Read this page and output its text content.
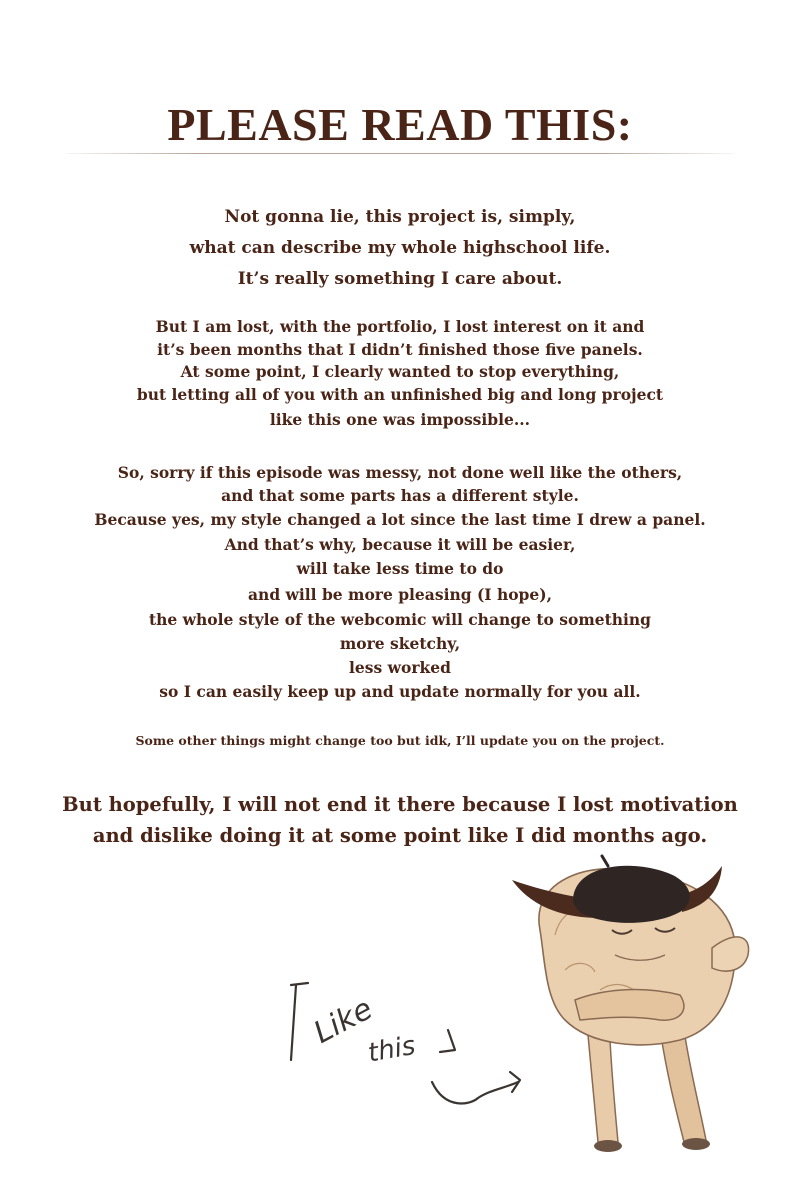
PLEASE READ THIS:
Not gonna lie, this project is, simply,
what can describe my whole highschool life.
It’s really something I care about.
But I am lost, with the portfolio, I lost interest on it and
it’s been months that I didn’t finished those five panels.
At some point, I clearly wanted to stop everything,
but letting all of you with an unfinished big and long project
like this one was impossible...
So, sorry if this episode was messy, not done well like the others,
and that some parts has a different style.
Because yes, my style changed a lot since the last time I drew a panel.
And that’s why, because it will be easier,
will take less time to do
and will be more pleasing (I hope),
the whole style of the webcomic will change to something
more sketchy,
less worked
so I can easily keep up and update normally for you all.
Some other things might change too but idk, I’ll update you on the project.
But hopefully, I will not end it there because I lost motivation
and dislike doing it at some point like I did months ago.
Like
this
